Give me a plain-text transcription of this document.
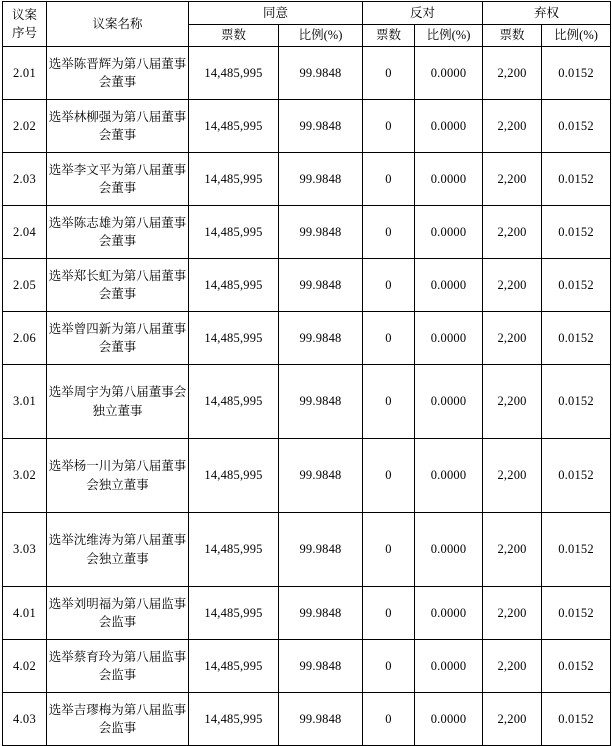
议案
序号	议案名称	同意		反对		弃权	
		票数	比例(%)	票数	比例(%)	票数	比例(%)
2.01	选举陈晋辉为第八届董事会董事	14,485,995	99.9848	0	0.0000	2,200	0.0152
2.02	选举林柳强为第八届董事会董事	14,485,995	99.9848	0	0.0000	2,200	0.0152
2.03	选举李文平为第八届董事会董事	14,485,995	99.9848	0	0.0000	2,200	0.0152
2.04	选举陈志雄为第八届董事会董事	14,485,995	99.9848	0	0.0000	2,200	0.0152
2.05	选举郑长虹为第八届董事会董事	14,485,995	99.9848	0	0.0000	2,200	0.0152
2.06	选举曾四新为第八届董事会董事	14,485,995	99.9848	0	0.0000	2,200	0.0152
3.01	选举周宇为第八届董事会独立董事	14,485,995	99.9848	0	0.0000	2,200	0.0152
3.02	选举杨一川为第八届董事会独立董事	14,485,995	99.9848	0	0.0000	2,200	0.0152
3.03	选举沈维涛为第八届董事会独立董事	14,485,995	99.9848	0	0.0000	2,200	0.0152
4.01	选举刘明福为第八届监事会监事	14,485,995	99.9848	0	0.0000	2,200	0.0152
4.02	选举蔡育玲为第八届监事会监事	14,485,995	99.9848	0	0.0000	2,200	0.0152
4.03	选举吉璆梅为第八届监事会监事	14,485,995	99.9848	0	0.0000	2,200	0.0152
